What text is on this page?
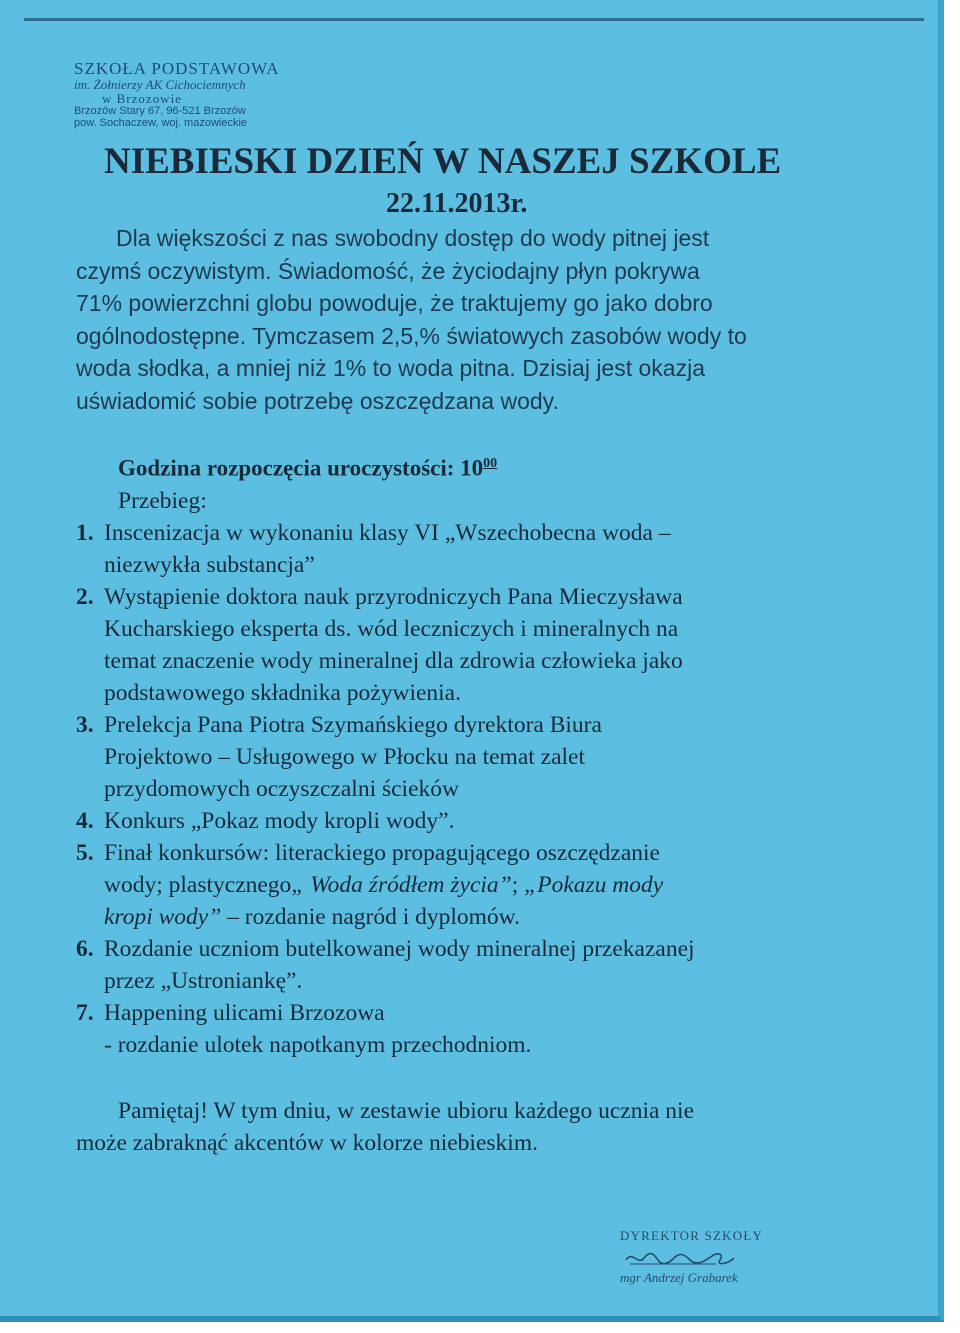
SZKOŁA PODSTAWOWA
im. Żołnierzy AK Cichociemnych
w Brzozowie
Brzozów Stary 67, 96-521 Brzozów
pow. Sochaczew, woj. mazowieckie
NIEBIESKI DZIEŃ W NASZEJ SZKOLE
22.11.2013r.
Dla większości z nas swobodny dostęp do wody pitnej jest
czymś oczywistym. Świadomość, że życiodajny płyn pokrywa
71% powierzchni globu powoduje, że traktujemy go jako dobro
ogólnodostępne. Tymczasem 2,5,% światowych zasobów wody to
woda słodka, a mniej niż 1% to woda pitna. Dzisiaj jest okazja
uświadomić sobie potrzebę oszczędzana wody.
Godzina rozpoczęcia uroczystości: $10^{00}$
Przebieg:
1. Inscenizacja w wykonaniu klasy VI „Wszechobecna woda –
niezwykła substancja”
2. Wystąpienie doktora nauk przyrodniczych Pana Mieczysława
Kucharskiego eksperta ds. wód leczniczych i mineralnych na
temat znaczenie wody mineralnej dla zdrowia człowieka jako
podstawowego składnika pożywienia.
3. Prelekcja Pana Piotra Szymańskiego dyrektora Biura
Projektowo – Usługowego w Płocku na temat zalet
przydomowych oczyszczalni ścieków
4. Konkurs „Pokaz mody kropli wody”.
5. Finał konkursów: literackiego propagującego oszczędzanie
wody; plastycznego„ Woda źródłem życia”; „Pokazu mody
kropi wody” – rozdanie nagród i dyplomów.
6. Rozdanie uczniom butelkowanej wody mineralnej przekazanej
przez „Ustroniankę”.
7. Happening ulicami Brzozowa
- rozdanie ulotek napotkanym przechodniom.
Pamiętaj! W tym dniu, w zestawie ubioru każdego ucznia nie
może zabraknąć akcentów w kolorze niebieskim.
DYREKTOR SZKOŁY
mgr Andrzej Grabarek
